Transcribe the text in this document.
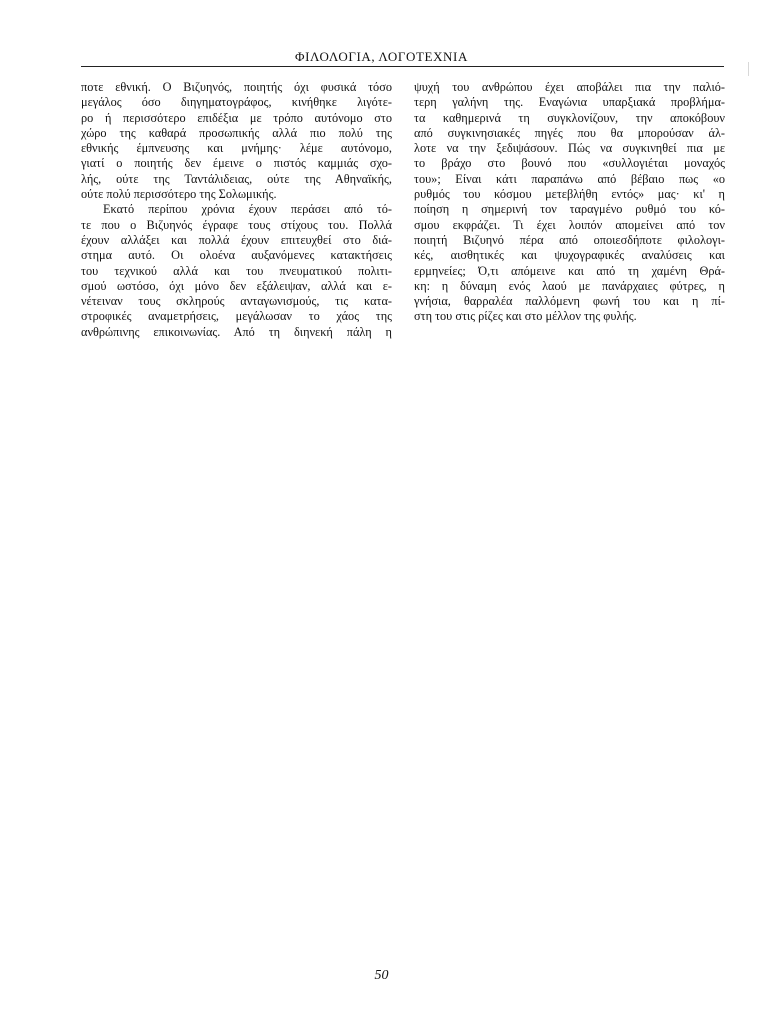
ΦΙΛΟΛΟΓΙΑ, ΛΟΓΟΤΕΧΝΙΑ
ποτε εθνική. Ο Βιζυηνός, ποιητής όχι φυσικά τόσο
μεγάλος όσο διηγηματογράφος, κινήθηκε λιγότε-
ρο ή περισσότερο επιδέξια με τρόπο αυτόνομο στο
χώρο της καθαρά προσωπικής αλλά πιο πολύ της
εθνικής έμπνευσης και μνήμης· λέμε αυτόνομο,
γιατί ο ποιητής δεν έμεινε ο πιστός καμμιάς σχο-
λής, ούτε της Ταντάλιδειας, ούτε της Αθηναϊκής,
ούτε πολύ περισσότερο της Σολωμικής.
Εκατό περίπου χρόνια έχουν περάσει από τό-
τε που ο Βιζυηνός έγραφε τους στίχους του. Πολλά
έχουν αλλάξει και πολλά έχουν επιτευχθεί στο διά-
στημα αυτό. Οι ολοένα αυξανόμενες κατακτήσεις
του τεχνικού αλλά και του πνευματικού πολιτι-
σμού ωστόσο, όχι μόνο δεν εξάλειψαν, αλλά και ε-
νέτειναν τους σκληρούς ανταγωνισμούς, τις κατα-
στροφικές αναμετρήσεις, μεγάλωσαν το χάος της
ανθρώπινης επικοινωνίας. Από τη διηνεκή πάλη η
ψυχή του ανθρώπου έχει αποβάλει πια την παλιό-
τερη γαλήνη της. Εναγώνια υπαρξιακά προβλήμα-
τα καθημερινά τη συγκλονίζουν, την αποκόβουν
από συγκινησιακές πηγές που θα μπορούσαν άλ-
λοτε να την ξεδιψάσουν. Πώς να συγκινηθεί πια με
το βράχο στο βουνό που «συλλογιέται μοναχός
του»; Είναι κάτι παραπάνω από βέβαιο πως «ο
ρυθμός του κόσμου μετεβλήθη εντός» μας· κι' η
ποίηση η σημερινή τον ταραγμένο ρυθμό του κό-
σμου εκφράζει. Τι έχει λοιπόν απομείνει από τον
ποιητή Βιζυηνό πέρα από οποιεσδήποτε φιλολογι-
κές, αισθητικές και ψυχογραφικές αναλύσεις και
ερμηνείες; Ό,τι απόμεινε και από τη χαμένη Θρά-
κη: η δύναμη ενός λαού με πανάρχαιες φύτρες, η
γνήσια, θαρραλέα παλλόμενη φωνή του και η πί-
στη του στις ρίζες και στο μέλλον της φυλής.
50
